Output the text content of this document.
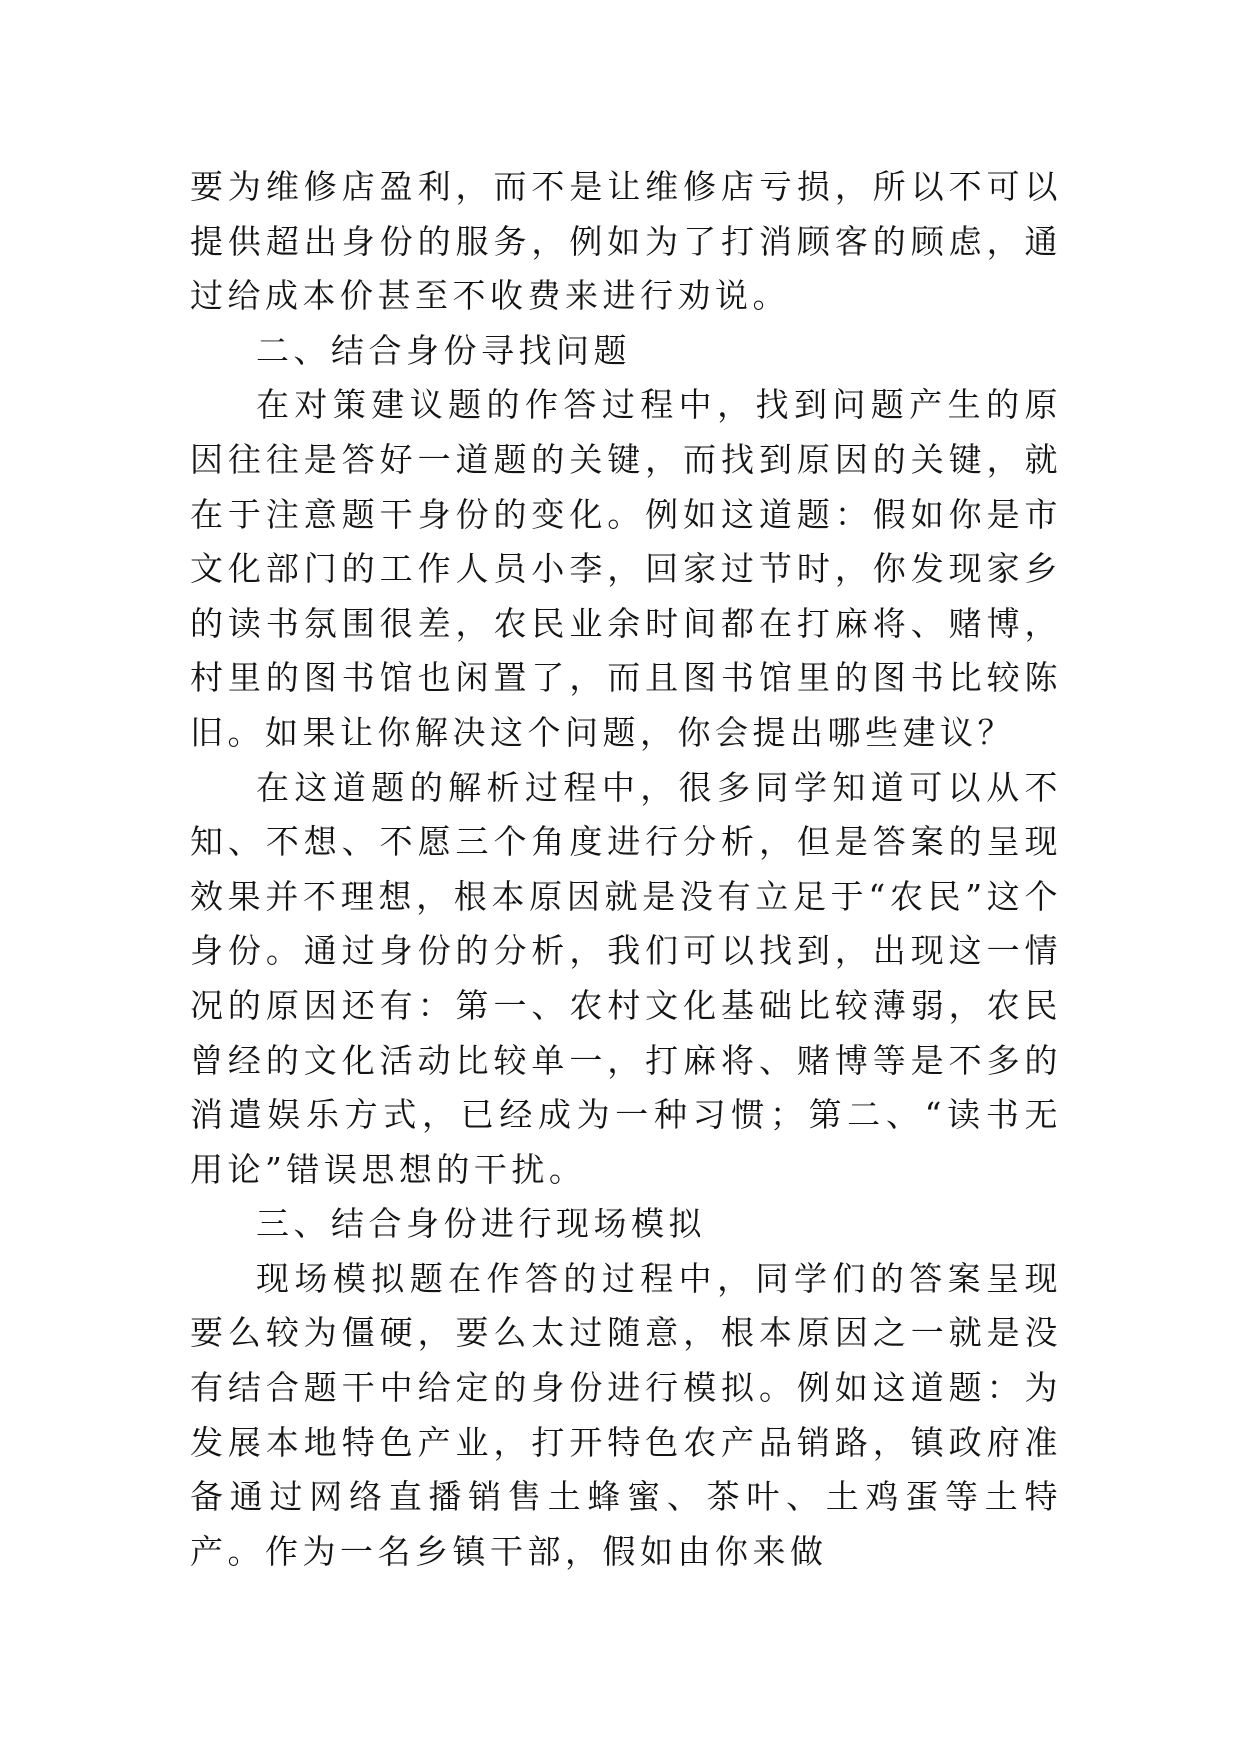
要为维修店盈利，而不是让维修店亏损，所以不可以提供超出身份的服务，例如为了打消顾客的顾虑，通过给成本价甚至不收费来进行劝说。

二、结合身份寻找问题

在对策建议题的作答过程中，找到问题产生的原因往往是答好一道题的关键，而找到原因的关键，就在于注意题干身份的变化。例如这道题：假如你是市文化部门的工作人员小李，回家过节时，你发现家乡的读书氛围很差，农民业余时间都在打麻将、赌博，村里的图书馆也闲置了，而且图书馆里的图书比较陈旧。如果让你解决这个问题，你会提出哪些建议？

在这道题的解析过程中，很多同学知道可以从不知、不想、不愿三个角度进行分析，但是答案的呈现效果并不理想，根本原因就是没有立足于“农民”这个身份。通过身份的分析，我们可以找到，出现这一情况的原因还有：第一、农村文化基础比较薄弱，农民曾经的文化活动比较单一，打麻将、赌博等是不多的消遣娱乐方式，已经成为一种习惯；第二、“读书无用论”错误思想的干扰。

三、结合身份进行现场模拟

现场模拟题在作答的过程中，同学们的答案呈现要么较为僵硬，要么太过随意，根本原因之一就是没有结合题干中给定的身份进行模拟。例如这道题：为发展本地特色产业，打开特色农产品销路，镇政府准备通过网络直播销售土蜂蜜、茶叶、土鸡蛋等土特产。作为一名乡镇干部，假如由你来做
